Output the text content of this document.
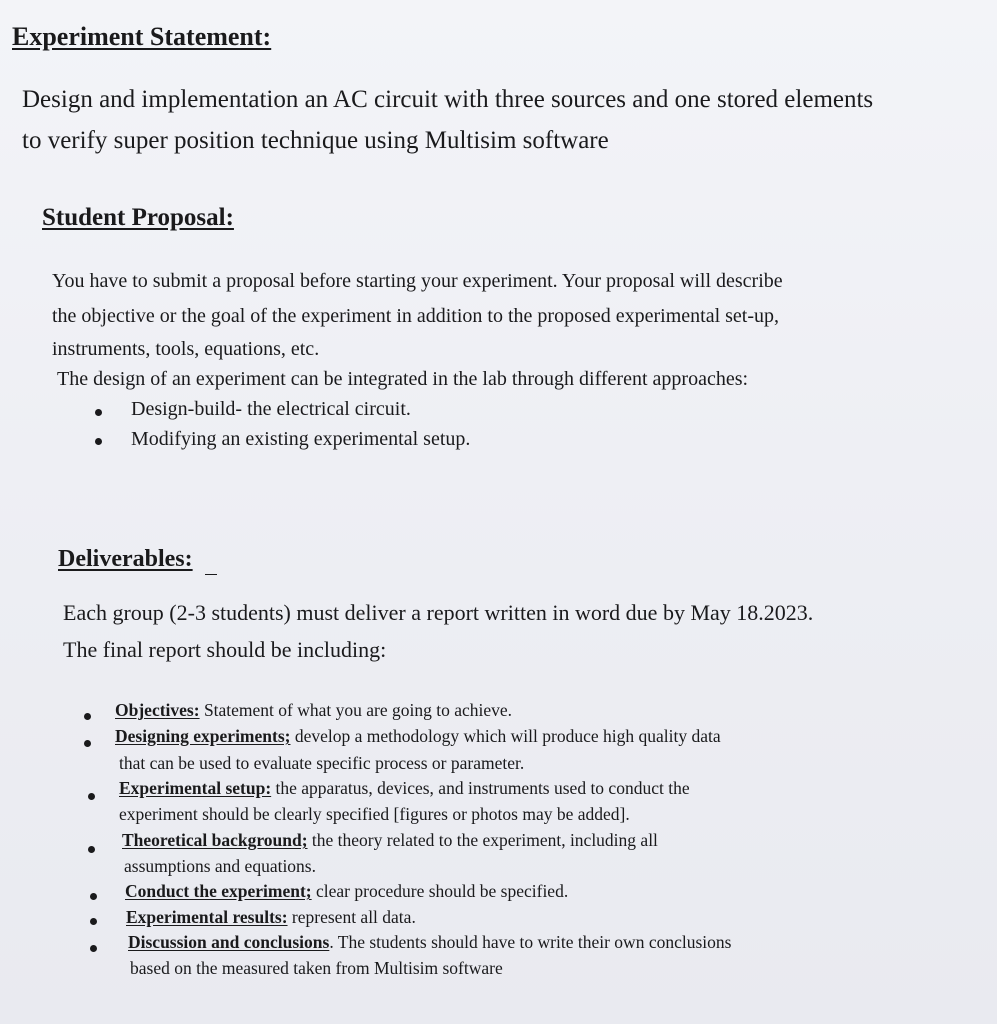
Experiment Statement:
Design and implementation an AC circuit with three sources and one stored elements
to verify super position technique using Multisim software
Student Proposal:
You have to submit a proposal before starting your experiment. Your proposal will describe
the objective or the goal of the experiment in addition to the proposed experimental set-up,
instruments, tools, equations, etc.
The design of an experiment can be integrated in the lab through different approaches:
Design-build- the electrical circuit.
Modifying an existing experimental setup.
Deliverables:
Each group (2-3 students) must deliver a report written in word due by May 18.2023.
The final report should be including:
Objectives: Statement of what you are going to achieve.
Designing experiments; develop a methodology which will produce high quality data
that can be used to evaluate specific process or parameter.
Experimental setup: the apparatus, devices, and instruments used to conduct the
experiment should be clearly specified [figures or photos may be added].
Theoretical background; the theory related to the experiment, including all
assumptions and equations.
Conduct the experiment; clear procedure should be specified.
Experimental results: represent all data.
Discussion and conclusions. The students should have to write their own conclusions
based on the measured taken from Multisim software
